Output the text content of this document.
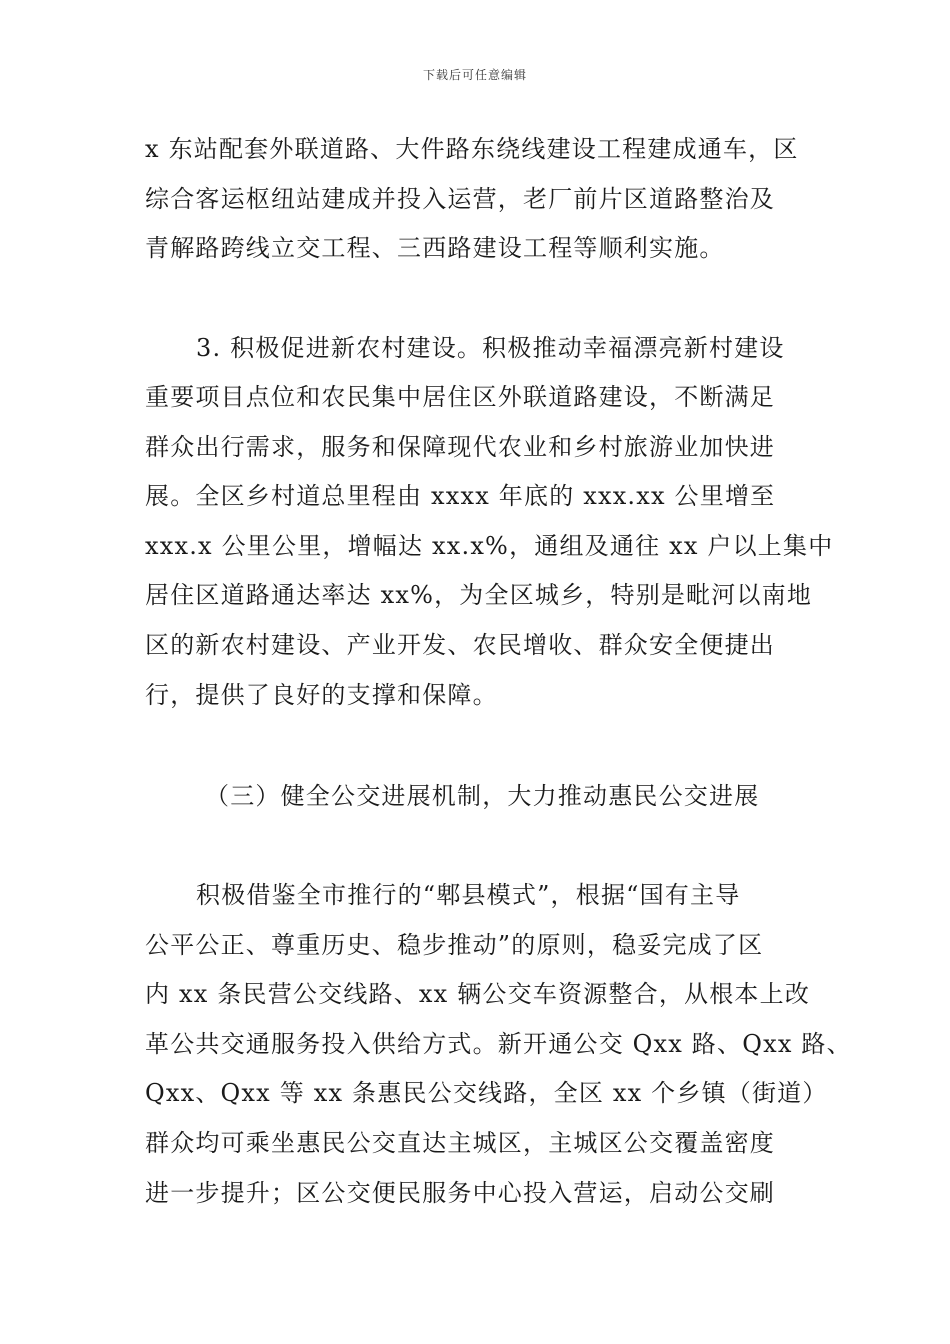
下载后可任意编辑
x 东站配套外联道路、大件路东绕线建设工程建成通车，区
综合客运枢纽站建成并投入运营，老厂前片区道路整治及
青解路跨线立交工程、三西路建设工程等顺利实施。
3. 积极促进新农村建设。积极推动幸福漂亮新村建设
重要项目点位和农民集中居住区外联道路建设，不断满足
群众出行需求，服务和保障现代农业和乡村旅游业加快进
展。全区乡村道总里程由 xxxx 年底的 xxx.xx 公里增至
xxx.x 公里公里，增幅达 xx.x%，通组及通往 xx 户以上集中
居住区道路通达率达 xx%，为全区城乡，特别是毗河以南地
区的新农村建设、产业开发、农民增收、群众安全便捷出
行，提供了良好的支撑和保障。
（三）健全公交进展机制，大力推动惠民公交进展
积极借鉴全市推行的“郫县模式”，根据“国有主导
公平公正、尊重历史、稳步推动”的原则，稳妥完成了区
内 xx 条民营公交线路、xx 辆公交车资源整合，从根本上改
革公共交通服务投入供给方式。新开通公交 Qxx 路、Qxx 路、
Qxx、Qxx 等 xx 条惠民公交线路，全区 xx 个乡镇（街道）
群众均可乘坐惠民公交直达主城区，主城区公交覆盖密度
进一步提升；区公交便民服务中心投入营运，启动公交刷
